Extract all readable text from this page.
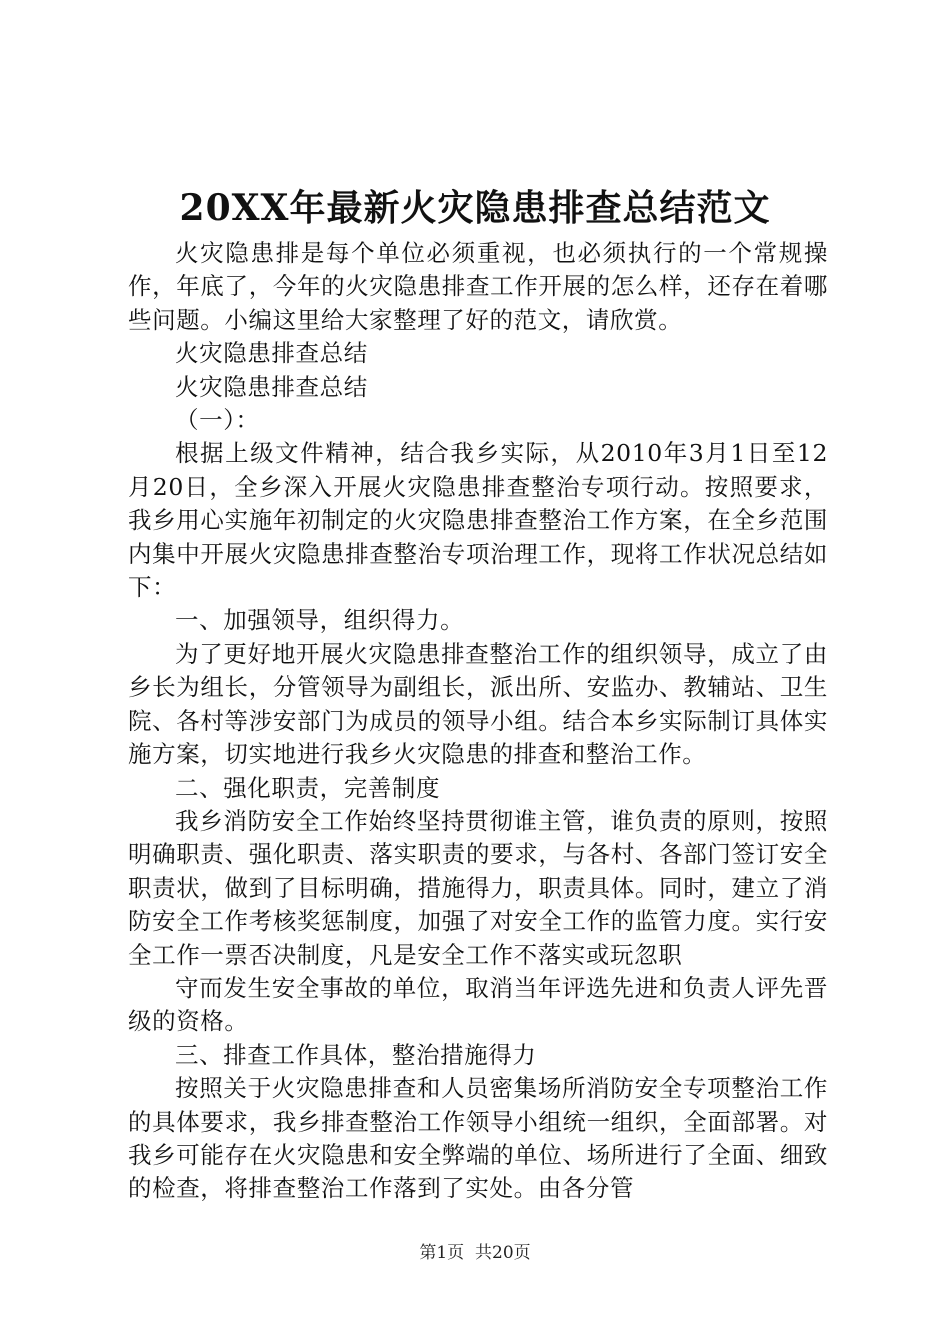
20XX年最新火灾隐患排查总结范文

火灾隐患排是每个单位必须重视，也必须执行的一个常规操作，年底了，今年的火灾隐患排查工作开展的怎么样，还存在着哪些问题。小编这里给大家整理了好的范文，请欣赏。

火灾隐患排查总结

火灾隐患排查总结

（一）：

根据上级文件精神，结合我乡实际，从2010年3月1日至12月20日，全乡深入开展火灾隐患排查整治专项行动。按照要求，我乡用心实施年初制定的火灾隐患排查整治工作方案，在全乡范围内集中开展火灾隐患排查整治专项治理工作，现将工作状况总结如下：

一、加强领导，组织得力。

为了更好地开展火灾隐患排查整治工作的组织领导，成立了由乡长为组长，分管领导为副组长，派出所、安监办、教辅站、卫生院、各村等涉安部门为成员的领导小组。结合本乡实际制订具体实施方案，切实地进行我乡火灾隐患的排查和整治工作。

二、强化职责，完善制度

我乡消防安全工作始终坚持贯彻谁主管，谁负责的原则，按照明确职责、强化职责、落实职责的要求，与各村、各部门签订安全职责状，做到了目标明确，措施得力，职责具体。同时，建立了消防安全工作考核奖惩制度，加强了对安全工作的监管力度。实行安全工作一票否决制度，凡是安全工作不落实或玩忽职

守而发生安全事故的单位，取消当年评选先进和负责人评先晋级的资格。

三、排查工作具体，整治措施得力

按照关于火灾隐患排查和人员密集场所消防安全专项整治工作的具体要求，我乡排查整治工作领导小组统一组织，全面部署。对我乡可能存在火灾隐患和安全弊端的单位、场所进行了全面、细致的检查，将排查整治工作落到了实处。由各分管

第1页 共20页
